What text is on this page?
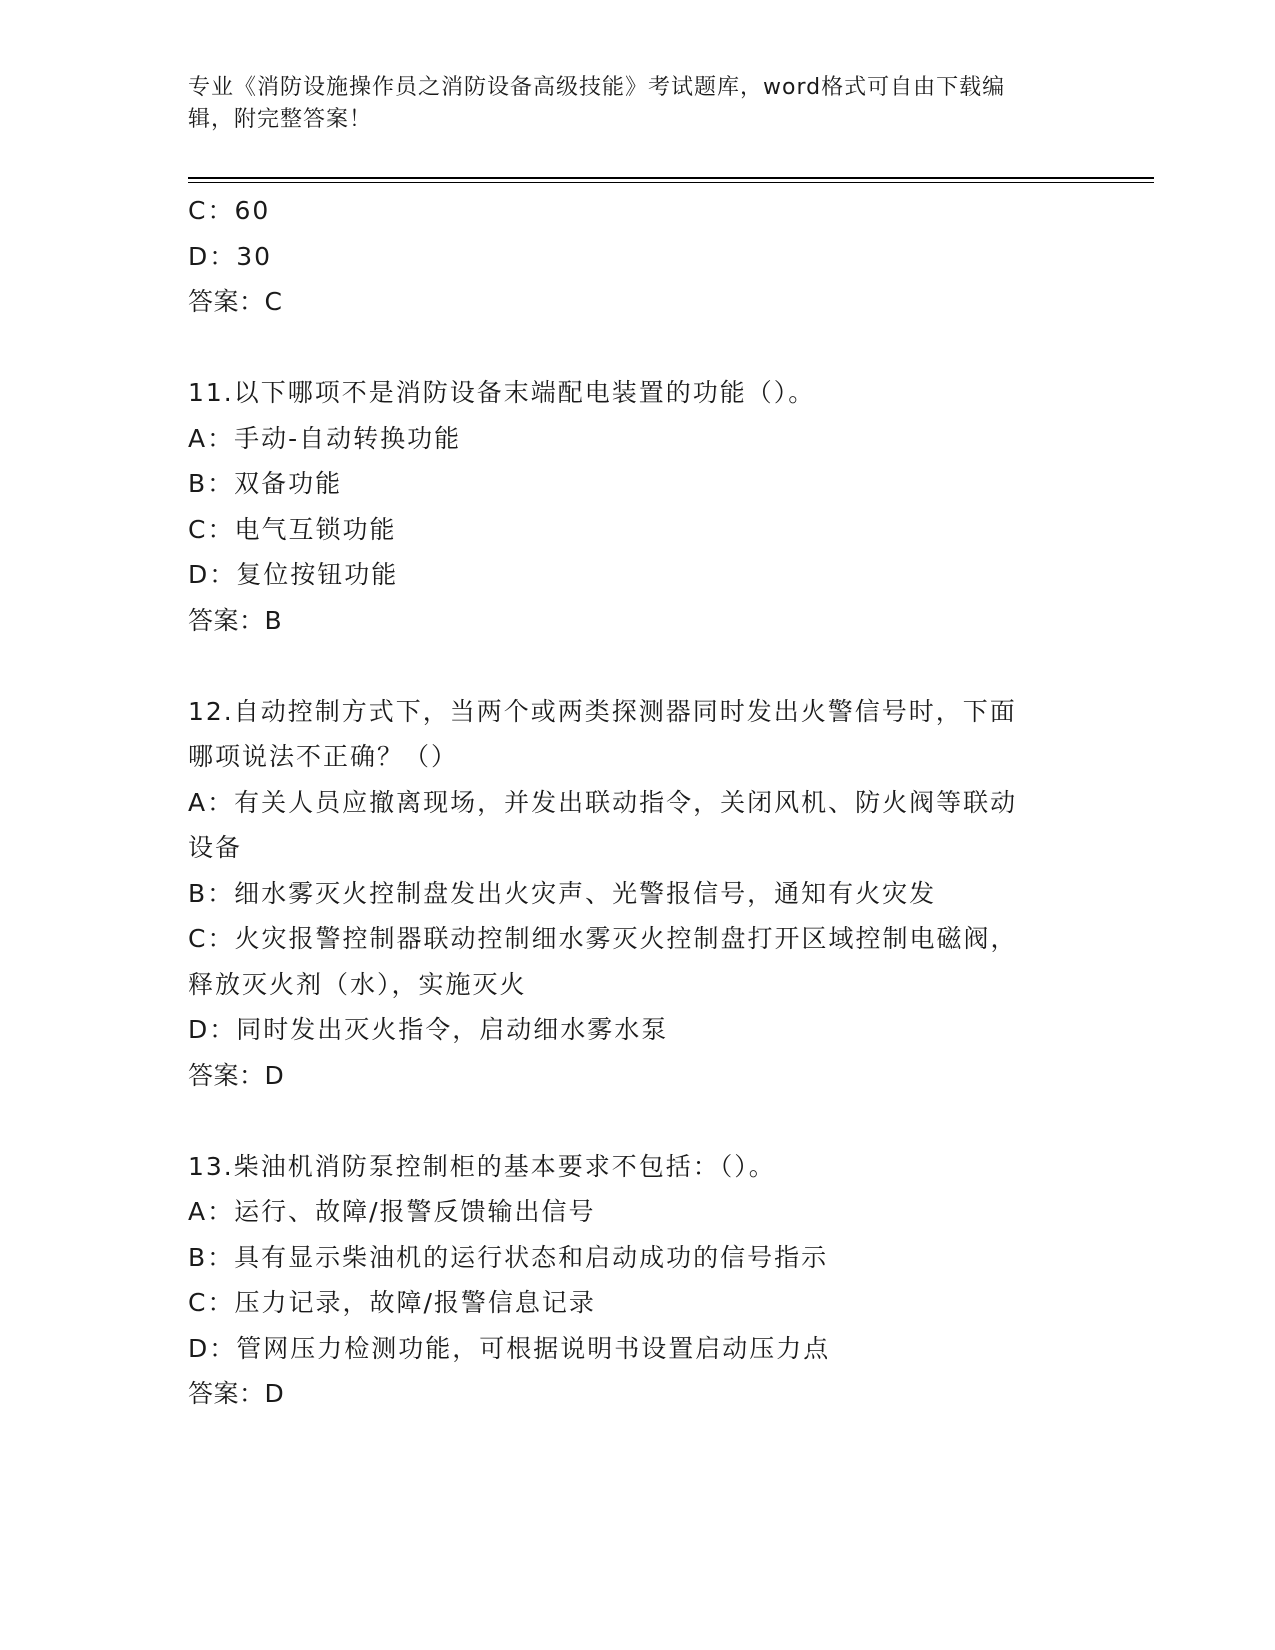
专业《消防设施操作员之消防设备高级技能》考试题库，word格式可自由下载编
辑，附完整答案！
C：60
D：30
答案：C
11.以下哪项不是消防设备末端配电装置的功能（）。
A：手动-自动转换功能
B：双备功能
C：电气互锁功能
D：复位按钮功能
答案：B
12.自动控制方式下，当两个或两类探测器同时发出火警信号时，下面
哪项说法不正确？（）
A：有关人员应撤离现场，并发出联动指令，关闭风机、防火阀等联动
设备
B：细水雾灭火控制盘发出火灾声、光警报信号，通知有火灾发
C：火灾报警控制器联动控制细水雾灭火控制盘打开区域控制电磁阀，
释放灭火剂（水），实施灭火
D：同时发出灭火指令，启动细水雾水泵
答案：D
13.柴油机消防泵控制柜的基本要求不包括：（）。
A：运行、故障/报警反馈输出信号
B：具有显示柴油机的运行状态和启动成功的信号指示
C：压力记录，故障/报警信息记录
D：管网压力检测功能，可根据说明书设置启动压力点
答案：D
